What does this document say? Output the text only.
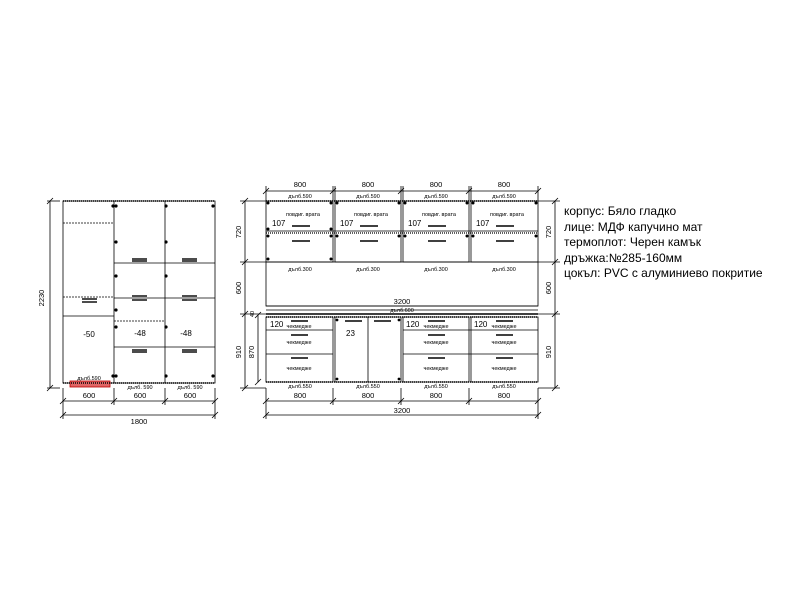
2230
-50	-48	-48
дълб.590
дълб. 590	дълб. 590
600	600	600
1800
800	800	800	800
дълб.590	дълб.590	дълб.590	дълб.590
повдиг. врата	повдиг. врата	повдиг. врата	повдиг. врата
107	107	107	107
дълб.300	дълб.300	дълб.300	дълб.300
720	720
600	600
40
910 870	910
3200
дълб.600
120	120	120
23
чекмедже
чекмедже
чекмедже
чекмедже
чекмедже
чекмедже
чекмедже
чекмедже
чекмедже
дълб.550	дълб.550	дълб.550	дълб.550
800	800	800	800
3200
корпус: Бяло гладко
лице: МДФ капучино мат
термоплот: Черен камък
дръжка:№285-160мм
цокъл: PVC с алуминиево покритие
